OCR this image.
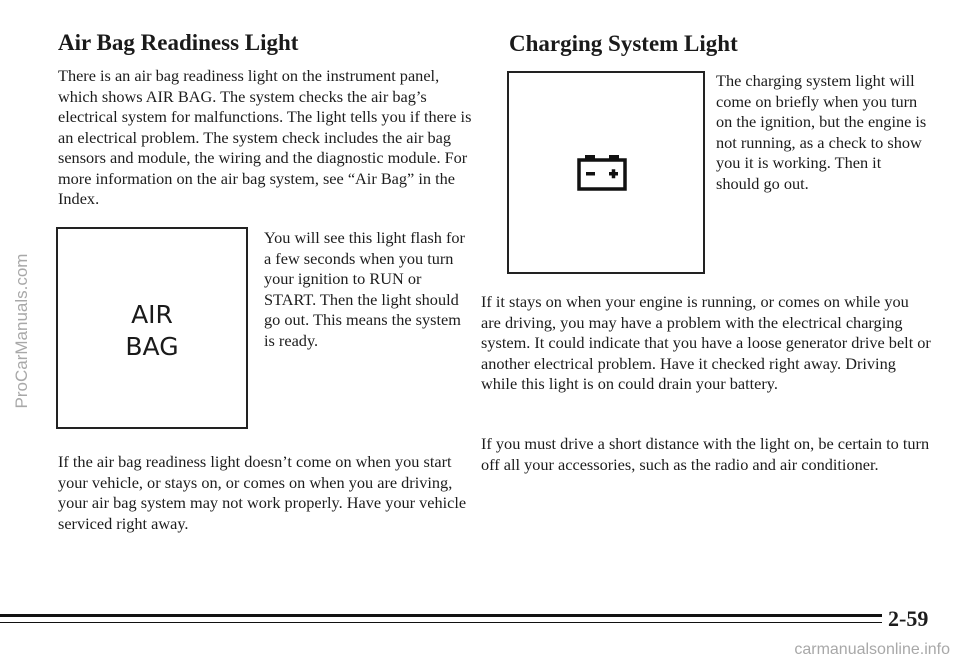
Air Bag Readiness Light

There is an air bag readiness light on the instrument panel, which shows AIR BAG. The system checks the air bag’s electrical system for malfunctions. The light tells you if there is an electrical problem. The system check includes the air bag sensors and module, the wiring and the diagnostic module. For more information on the air bag system, see “Air Bag” in the Index.

AIR
BAG

You will see this light flash for a few seconds when you turn your ignition to RUN or START. Then the light should go out. This means the system is ready.

If the air bag readiness light doesn’t come on when you start your vehicle, or stays on, or comes on when you are driving, your air bag system may not work properly. Have your vehicle serviced right away.

Charging System Light

The charging system light will come on briefly when you turn on the ignition, but the engine is not running, as a check to show you it is working. Then it should go out.

If it stays on when your engine is running, or comes on while you are driving, you may have a problem with the electrical charging system. It could indicate that you have a loose generator drive belt or another electrical problem. Have it checked right away. Driving while this light is on could drain your battery.

If you must drive a short distance with the light on, be certain to turn off all your accessories, such as the radio and air conditioner.

2-59
ProCarManuals.com
carmanualsonline.info
